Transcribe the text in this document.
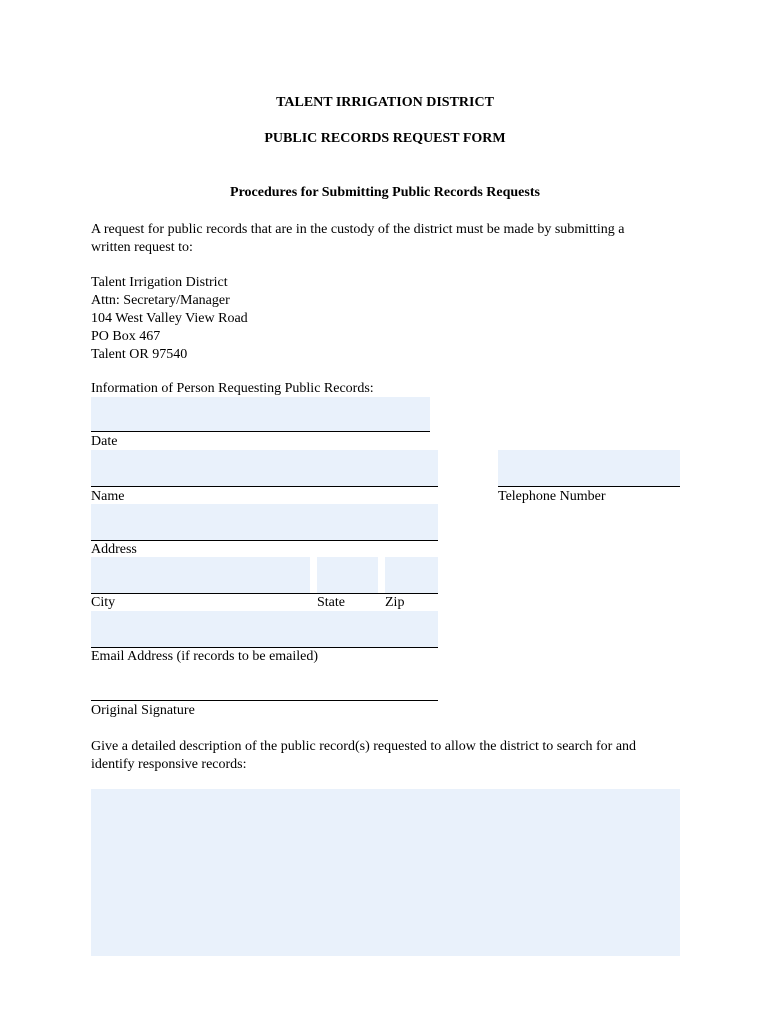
TALENT IRRIGATION DISTRICT
PUBLIC RECORDS REQUEST FORM
Procedures for Submitting Public Records Requests
A request for public records that are in the custody of the district must be made by submitting a
written request to:
Talent Irrigation District
Attn: Secretary/Manager
104 West Valley View Road
PO Box 467
Talent OR 97540
Information of Person Requesting Public Records:
Date
Name	Telephone Number
Address
City	State	Zip
Email Address (if records to be emailed)
Original Signature
Give a detailed description of the public record(s) requested to allow the district to search for and
identify responsive records:
